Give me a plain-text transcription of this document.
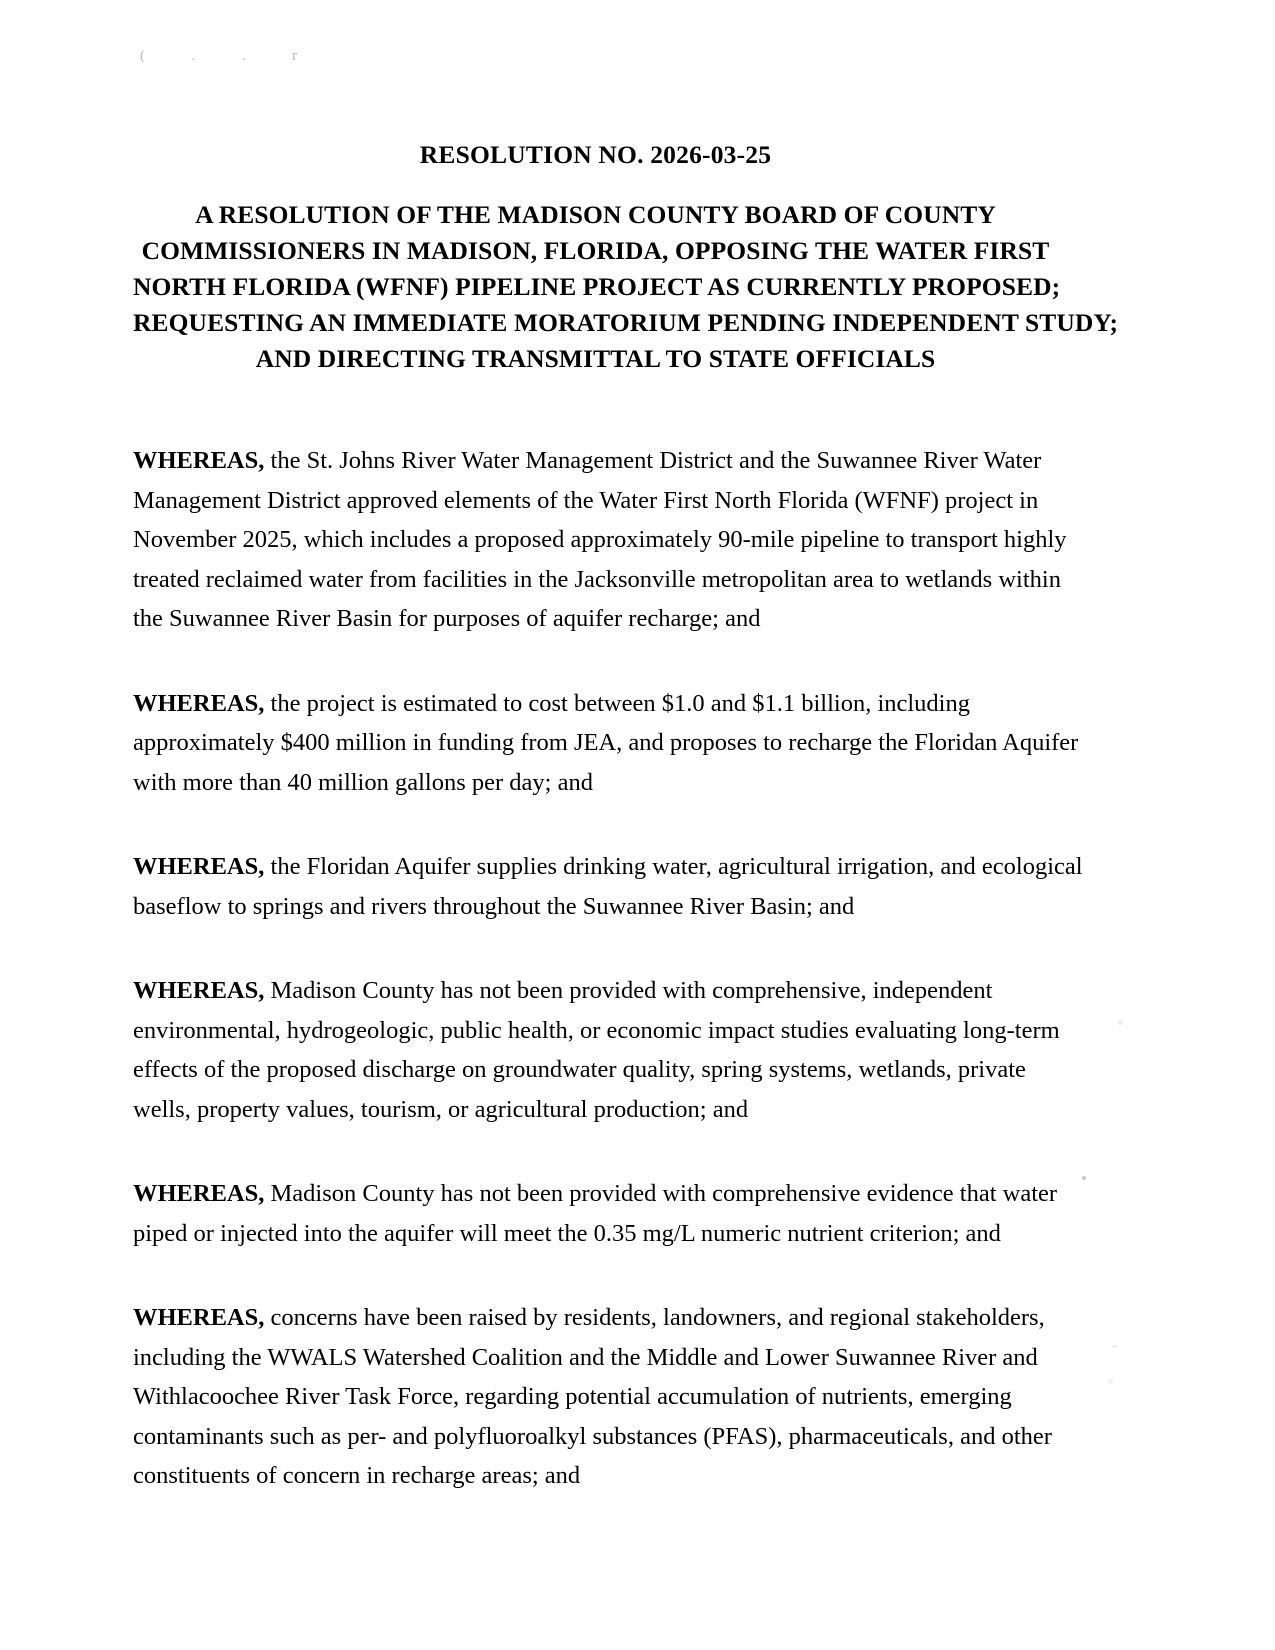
(  .  .  r
RESOLUTION NO. 2026-03-25
A RESOLUTION OF THE MADISON COUNTY BOARD OF COUNTY
COMMISSIONERS IN MADISON, FLORIDA, OPPOSING THE WATER FIRST
NORTH FLORIDA (WFNF) PIPELINE PROJECT AS CURRENTLY PROPOSED;
REQUESTING AN IMMEDIATE MORATORIUM PENDING INDEPENDENT STUDY;
AND DIRECTING TRANSMITTAL TO STATE OFFICIALS

WHEREAS, the St. Johns River Water Management District and the Suwannee River Water
Management District approved elements of the Water First North Florida (WFNF) project in
November 2025, which includes a proposed approximately 90-mile pipeline to transport highly
treated reclaimed water from facilities in the Jacksonville metropolitan area to wetlands within
the Suwannee River Basin for purposes of aquifer recharge; and

WHEREAS, the project is estimated to cost between $1.0 and $1.1 billion, including
approximately $400 million in funding from JEA, and proposes to recharge the Floridan Aquifer
with more than 40 million gallons per day; and

WHEREAS, the Floridan Aquifer supplies drinking water, agricultural irrigation, and ecological
baseflow to springs and rivers throughout the Suwannee River Basin; and

WHEREAS, Madison County has not been provided with comprehensive, independent
environmental, hydrogeologic, public health, or economic impact studies evaluating long-term
effects of the proposed discharge on groundwater quality, spring systems, wetlands, private
wells, property values, tourism, or agricultural production; and

WHEREAS, Madison County has not been provided with comprehensive evidence that water
piped or injected into the aquifer will meet the 0.35 mg/L numeric nutrient criterion; and

WHEREAS, concerns have been raised by residents, landowners, and regional stakeholders,
including the WWALS Watershed Coalition and the Middle and Lower Suwannee River and
Withlacoochee River Task Force, regarding potential accumulation of nutrients, emerging
contaminants such as per- and polyfluoroalkyl substances (PFAS), pharmaceuticals, and other
constituents of concern in recharge areas; and
